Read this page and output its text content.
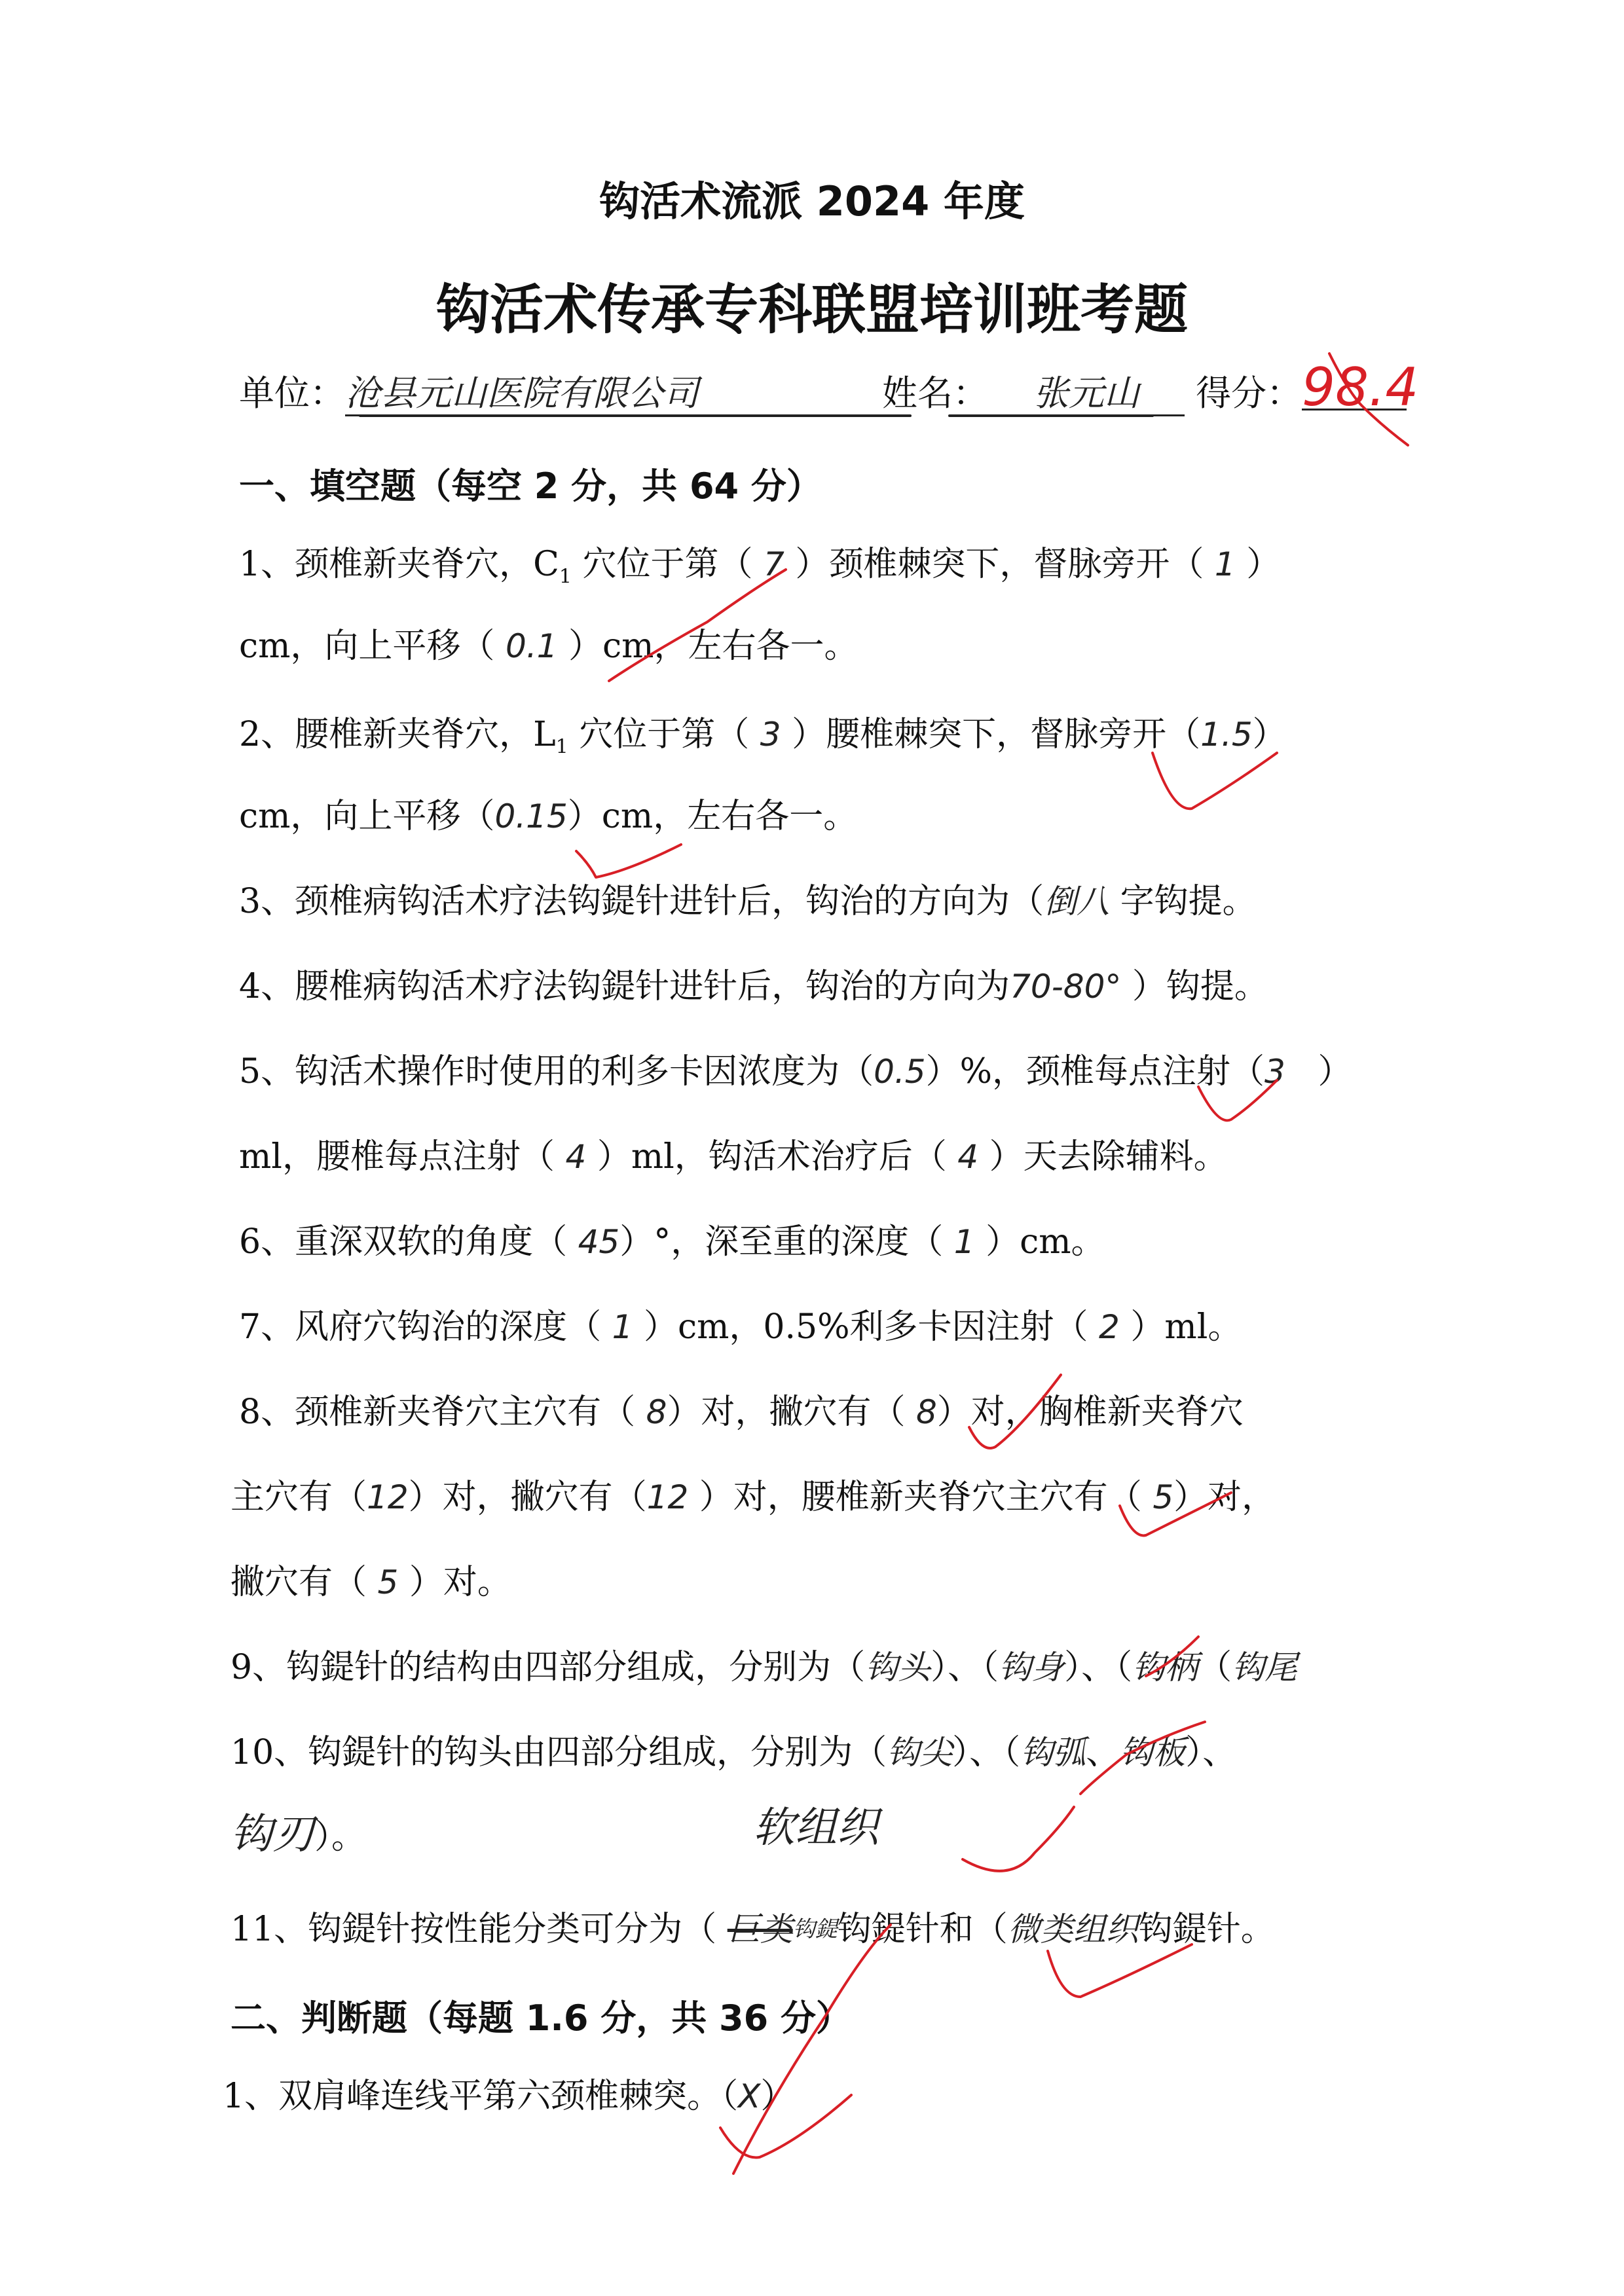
钩活术流派 2024 年度
钩活术传承专科联盟培训班考题
单位：沧县元山医院有限公司	姓名： 张元山 得分：98.4
一、填空题（每空 2 分，共 64 分）
1、颈椎新夹脊穴，$C_1$ 穴位于第（ 7 ）颈椎棘突下，督脉旁开（ 1 ）
cm，向上平移（ 0.1 ）cm，左右各一。
2、腰椎新夹脊穴，$L_1$ 穴位于第（ 3 ）腰椎棘突下，督脉旁开（1.5）
cm，向上平移（0.15）cm，左右各一。
3、颈椎病钩活术疗法钩鍉针进针后，钩治的方向为（倒八 字钩提。
4、腰椎病钩活术疗法钩鍉针进针后，钩治的方向为70-80° ）钩提。
5、钩活术操作时使用的利多卡因浓度为（0.5）%，颈椎每点注射（3   ）
ml，腰椎每点注射（ 4 ）ml，钩活术治疗后（ 4 ）天去除辅料。
6、重深双软的角度（ 45）°，深至重的深度（ 1 ）cm。
7、风府穴钩治的深度（ 1 ）cm，0.5%利多卡因注射（ 2 ）ml。
8、颈椎新夹脊穴主穴有（ 8）对，撇穴有（ 8）对，胸椎新夹脊穴
主穴有（12）对，撇穴有（12 ）对，腰椎新夹脊穴主穴有（ 5）对，
撇穴有（ 5 ）对。
9、钩鍉针的结构由四部分组成，分别为（钩头）、（钩身）、（钩柄（钩尾
10、钩鍉针的钩头由四部分组成，分别为（钩尖）、（钩弧、钩板）、
钩刃）。	软组织
11、钩鍉针按性能分类可分为（ 巨类$^{钩鍉}$钩鍉针和（微类组织钩鍉针。
二、判断题（每题 1.6 分，共 36 分）
1、双肩峰连线平第六颈椎棘突。（X）
